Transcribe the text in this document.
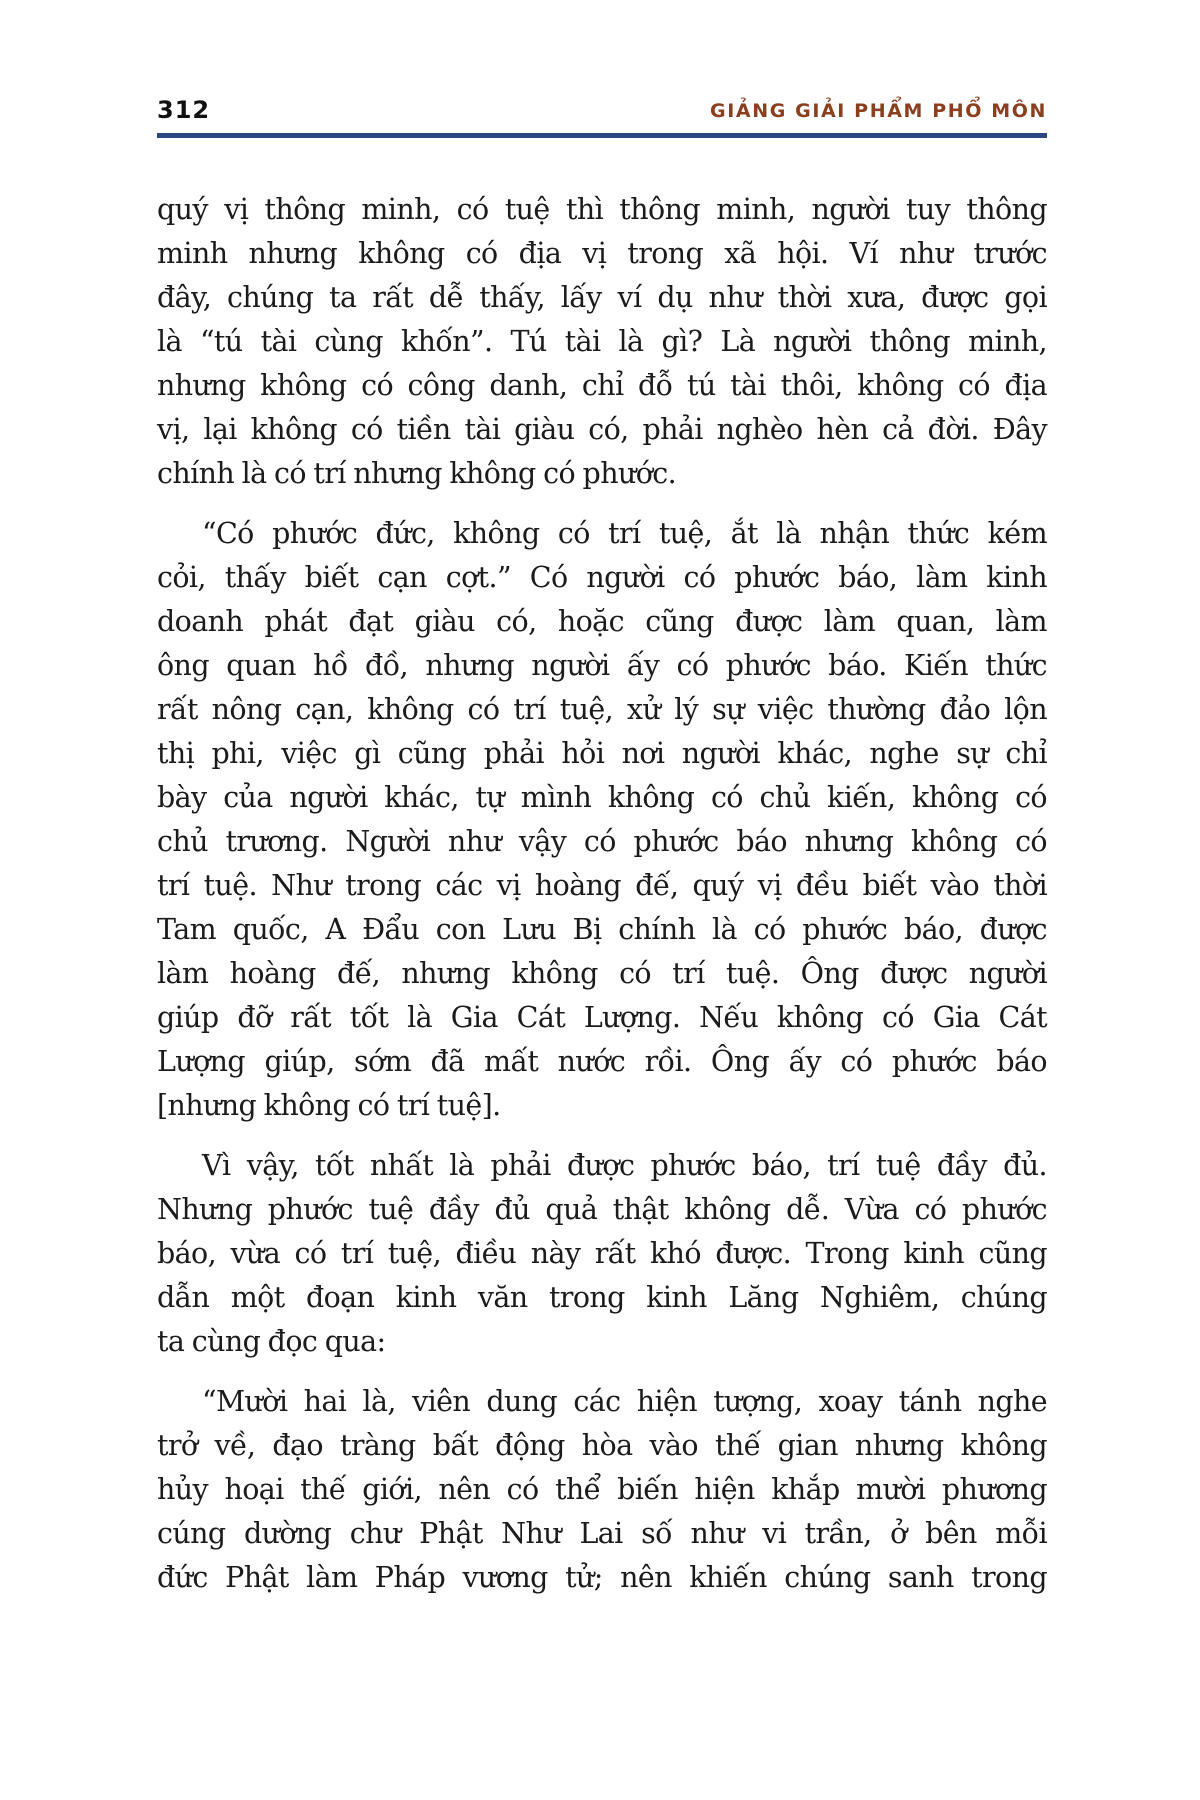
312	GIẢNG GIẢI PHẨM PHỔ MÔN

quý vị thông minh, có tuệ thì thông minh, người tuy thông
minh nhưng không có địa vị trong xã hội. Ví như trước
đây, chúng ta rất dễ thấy, lấy ví dụ như thời xưa, được gọi
là “tú tài cùng khốn”. Tú tài là gì? Là người thông minh,
nhưng không có công danh, chỉ đỗ tú tài thôi, không có địa
vị, lại không có tiền tài giàu có, phải nghèo hèn cả đời. Đây
chính là có trí nhưng không có phước.

“Có phước đức, không có trí tuệ, ắt là nhận thức kém
cỏi, thấy biết cạn cợt.” Có người có phước báo, làm kinh
doanh phát đạt giàu có, hoặc cũng được làm quan, làm
ông quan hồ đồ, nhưng người ấy có phước báo. Kiến thức
rất nông cạn, không có trí tuệ, xử lý sự việc thường đảo lộn
thị phi, việc gì cũng phải hỏi nơi người khác, nghe sự chỉ
bày của người khác, tự mình không có chủ kiến, không có
chủ trương. Người như vậy có phước báo nhưng không có
trí tuệ. Như trong các vị hoàng đế, quý vị đều biết vào thời
Tam quốc, A Đẩu con Lưu Bị chính là có phước báo, được
làm hoàng đế, nhưng không có trí tuệ. Ông được người
giúp đỡ rất tốt là Gia Cát Lượng. Nếu không có Gia Cát
Lượng giúp, sớm đã mất nước rồi. Ông ấy có phước báo
[nhưng không có trí tuệ].

Vì vậy, tốt nhất là phải được phước báo, trí tuệ đầy đủ.
Nhưng phước tuệ đầy đủ quả thật không dễ. Vừa có phước
báo, vừa có trí tuệ, điều này rất khó được. Trong kinh cũng
dẫn một đoạn kinh văn trong kinh Lăng Nghiêm, chúng
ta cùng đọc qua:

“Mười hai là, viên dung các hiện tượng, xoay tánh nghe
trở về, đạo tràng bất động hòa vào thế gian nhưng không
hủy hoại thế giới, nên có thể biến hiện khắp mười phương
cúng dường chư Phật Như Lai số như vi trần, ở bên mỗi
đức Phật làm Pháp vương tử; nên khiến chúng sanh trong
